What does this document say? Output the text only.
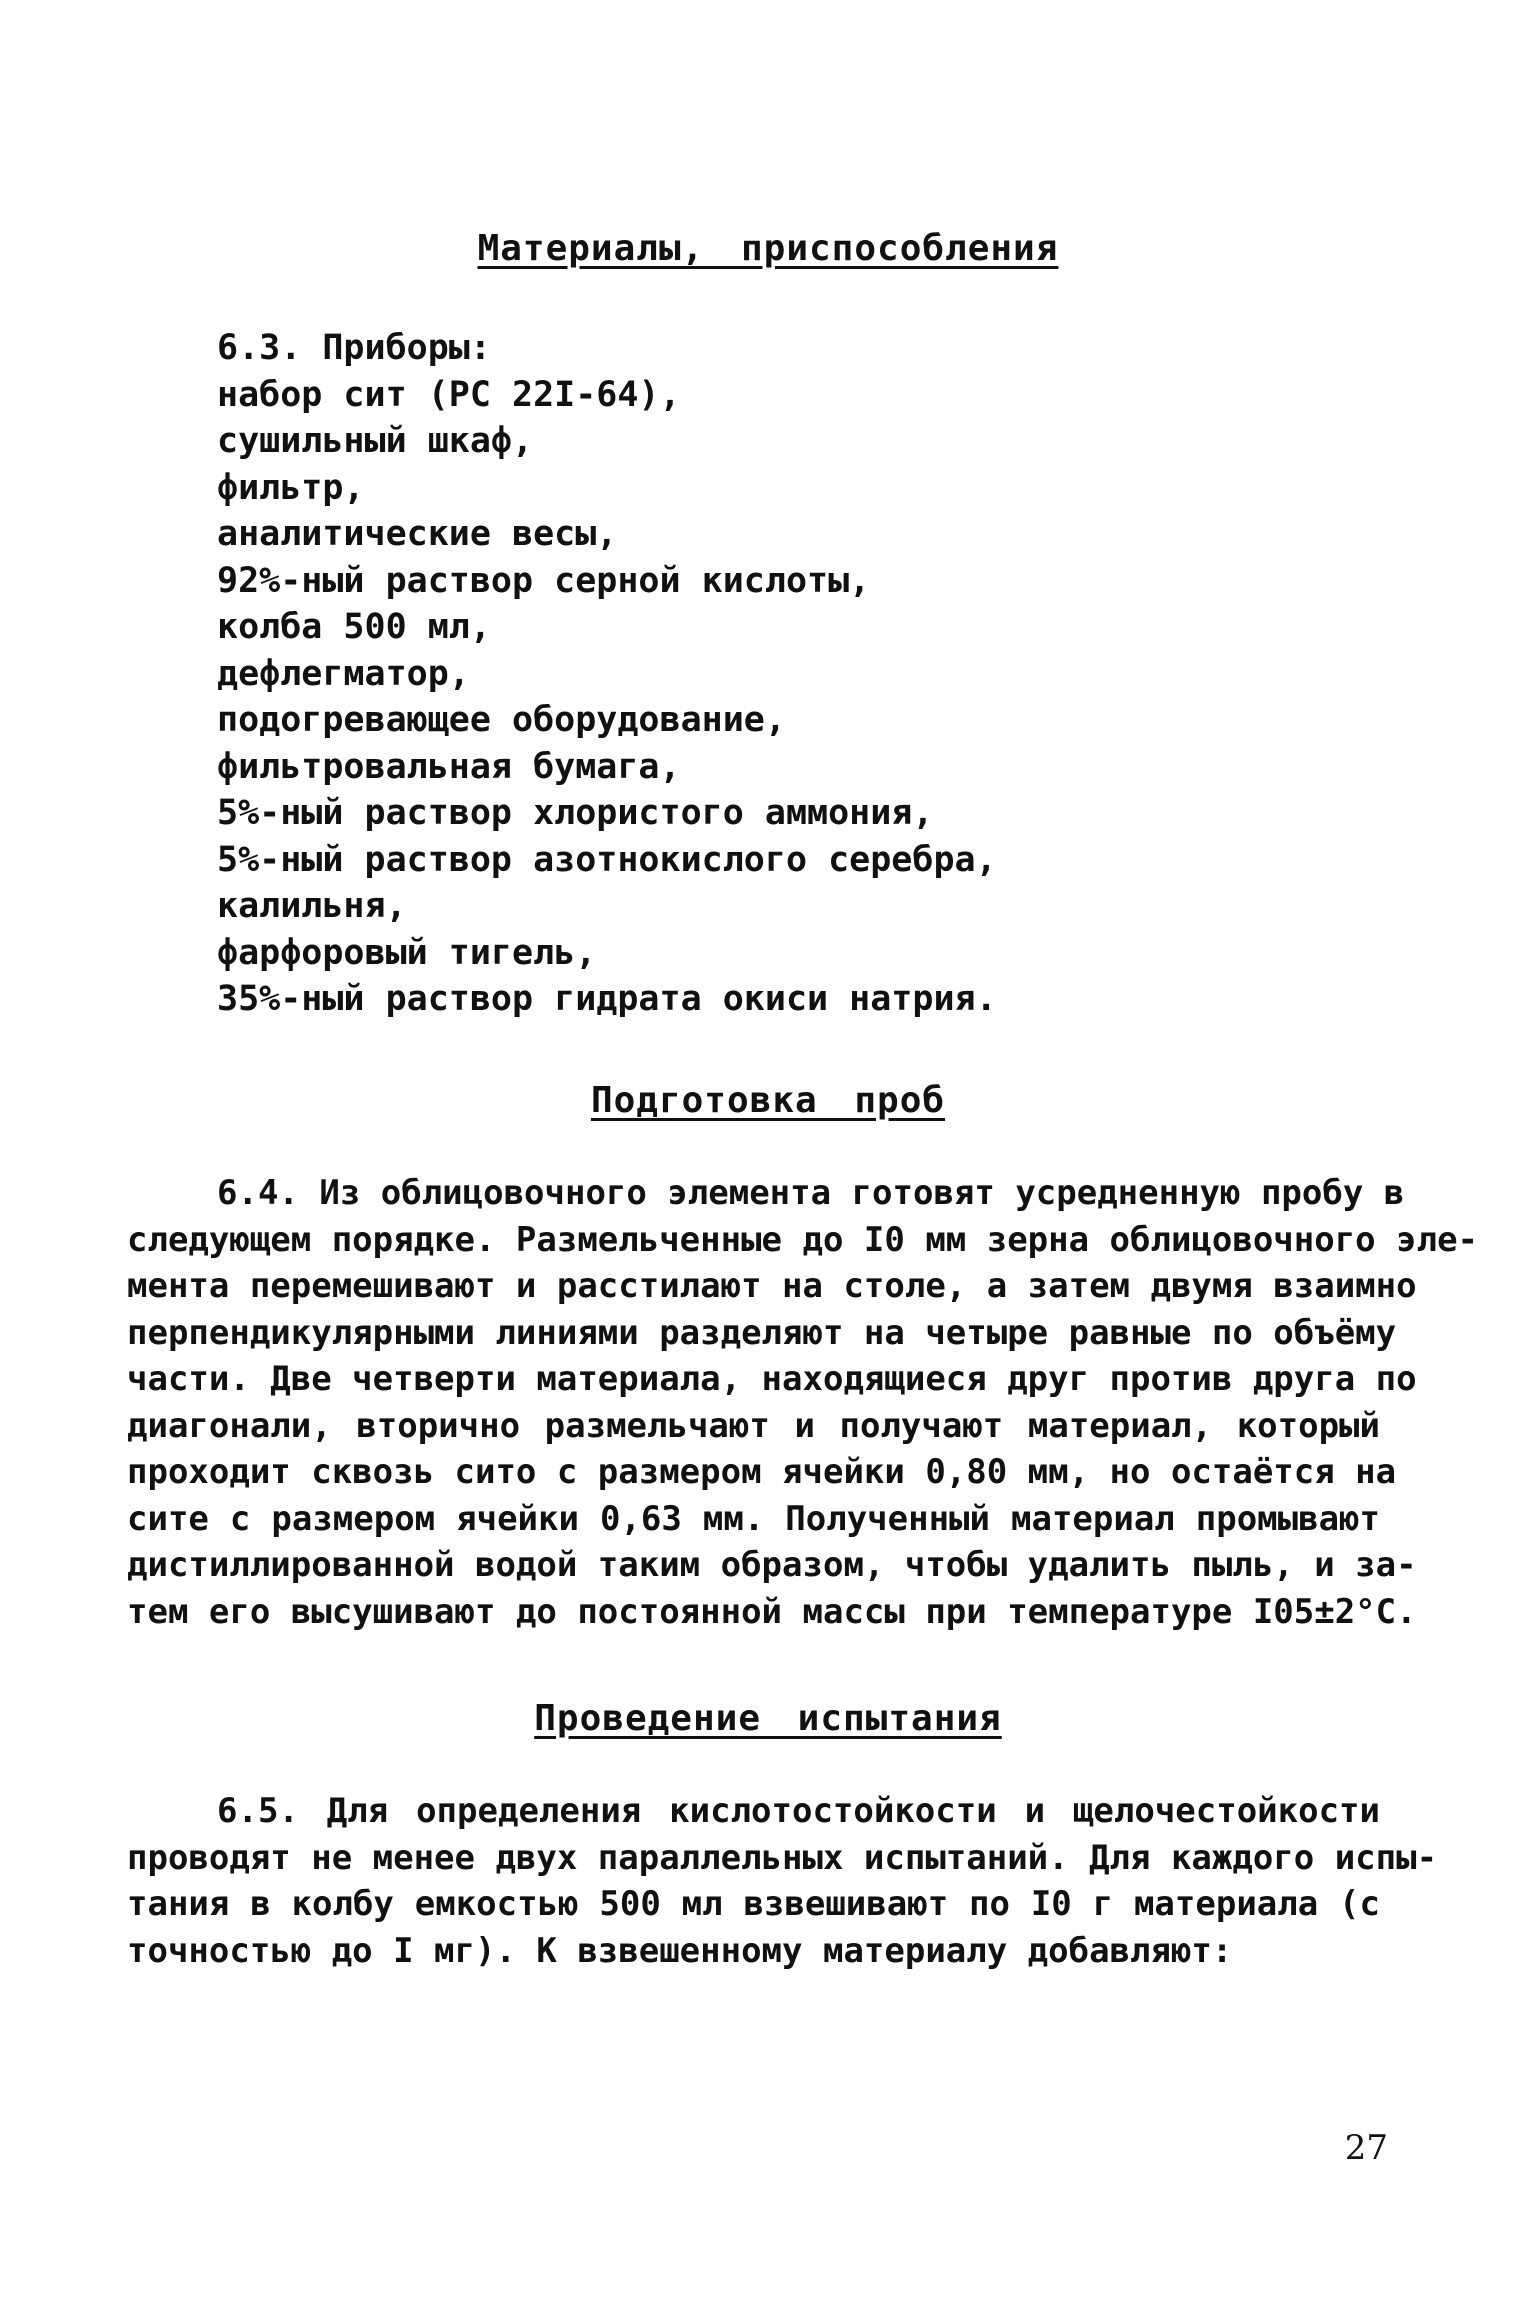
Материалы, приспособления
6.3. Приборы:
набор сит (РС 22I-64),
сушильный шкаф,
фильтр,
аналитические весы,
92%-ный раствор серной кислоты,
колба 500 мл,
дефлегматор,
подогревающее оборудование,
фильтровальная бумага,
5%-ный раствор хлористого аммония,
5%-ный раствор азотнокислого серебра,
калильня,
фарфоровый тигель,
35%-ный раствор гидрата окиси натрия.
Подготовка проб

6.4. Из облицовочного элемента готовят усредненную пробу в
следующем порядке. Размельченные до I0 мм зерна облицовочного эле-
мента перемешивают и расстилают на столе, а затем двумя взаимно
перпендикулярными линиями разделяют на четыре равные по объёму
части. Две четверти материала, находящиеся друг против друга по
диагонали, вторично размельчают и получают материал, который
проходит сквозь сито с размером ячейки 0,80 мм, но остаётся на
сите с размером ячейки 0,63 мм. Полученный материал промывают
дистиллированной водой таким образом, чтобы удалить пыль, и за-
тем его высушивают до постоянной массы при температуре I05±2°С.

Проведение испытания

6.5. Для определения кислотостойкости и щелочестойкости
проводят не менее двух параллельных испытаний. Для каждого испы-
тания в колбу емкостью 500 мл взвешивают по I0 г материала (с
точностью до I мг). К взвешенному материалу добавляют:

27
